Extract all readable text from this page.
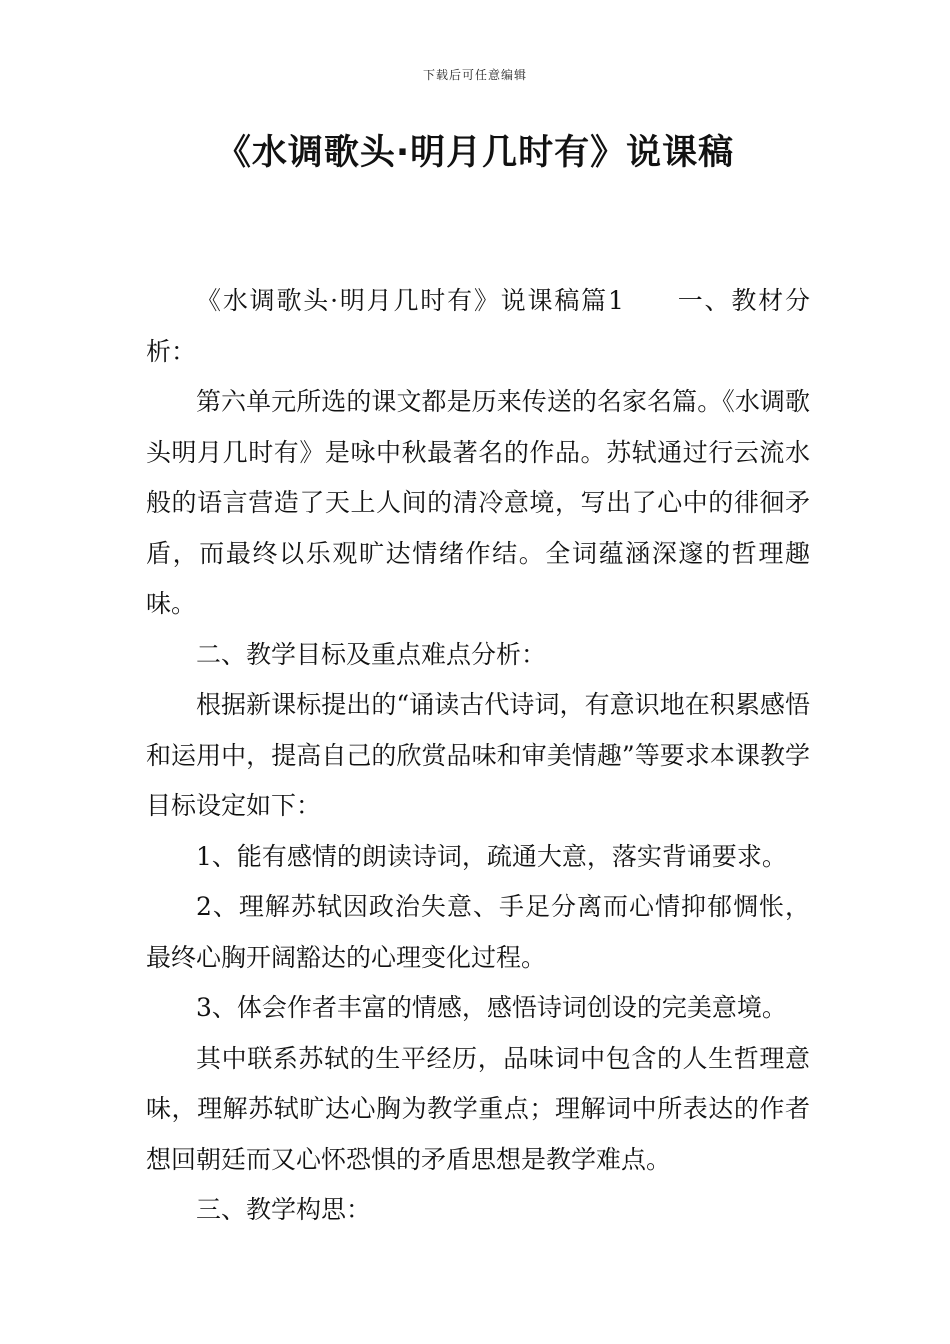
下载后可任意编辑
《水调歌头·明月几时有》说课稿

《水调歌头·明月几时有》说课稿篇1 一、教材分析：

第六单元所选的课文都是历来传送的名家名篇。《水调歌头明月几时有》是咏中秋最著名的作品。苏轼通过行云流水般的语言营造了天上人间的清冷意境，写出了心中的徘徊矛盾，而最终以乐观旷达情绪作结。全词蕴涵深邃的哲理趣味。

二、教学目标及重点难点分析：

根据新课标提出的“诵读古代诗词，有意识地在积累感悟和运用中，提高自己的欣赏品味和审美情趣”等要求本课教学目标设定如下：

1、能有感情的朗读诗词，疏通大意，落实背诵要求。

2、理解苏轼因政治失意、手足分离而心情抑郁惆怅，最终心胸开阔豁达的心理变化过程。

3、体会作者丰富的情感，感悟诗词创设的完美意境。

其中联系苏轼的生平经历，品味词中包含的人生哲理意味，理解苏轼旷达心胸为教学重点；理解词中所表达的作者想回朝廷而又心怀恐惧的矛盾思想是教学难点。

三、教学构思：
